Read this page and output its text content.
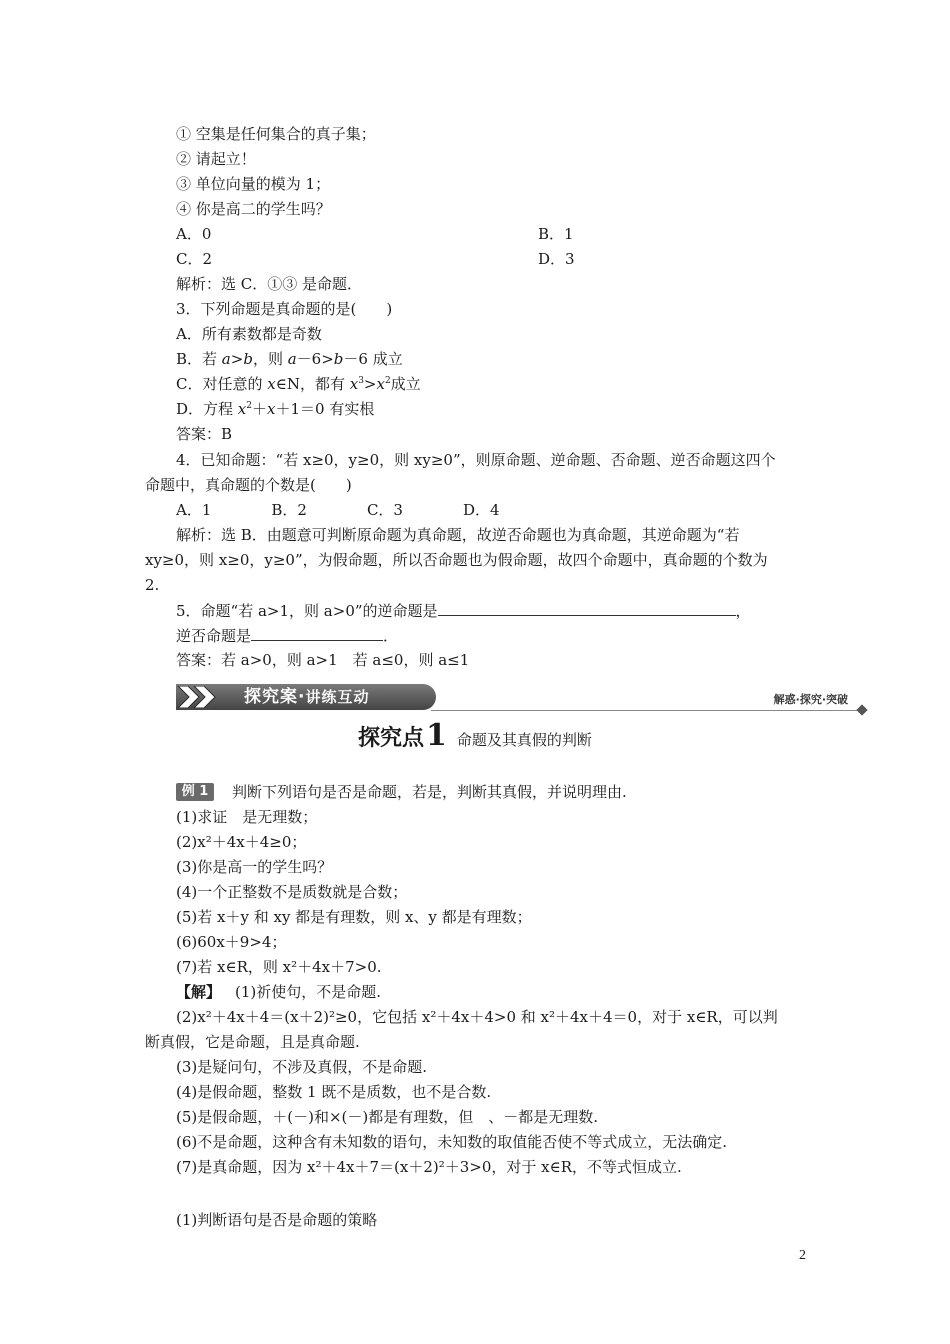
① 空集是任何集合的真子集；
② 请起立！
③ 单位向量的模为 1；
④ 你是高二的学生吗？
A．0	B．1
C．2	D．3
解析：选 C．①③ 是命题．
3．下列命题是真命题的是(　　)
A．所有素数都是奇数
B．若 a>b，则 a－6>b－6 成立
C．对任意的 x∈N，都有 $x^3>x^2$成立
D．方程 $x^2+x+1=0$ 有实根
答案：B
4．已知命题：“若 x≥0，y≥0，则 xy≥0”，则原命题、逆命题、否命题、逆否命题这四个
命题中，真命题的个数是(　　)
A．1　　　　B．2　　　　C．3　　　　D．4
解析：选 B．由题意可判断原命题为真命题，故逆否命题也为真命题，其逆命题为“若
xy≥0，则 x≥0，y≥0”，为假命题，所以否命题也为假命题，故四个命题中，真命题的个数为
2.
5．命题“若 a>1，则 a>0”的逆命题是	，
逆否命题是	．
答案：若 a>0，则 a>1　若 a≤0，则 a≤1
探究案·讲练互动	解惑·探究·突破
探究点1 命题及其真假的判断
例 1	判断下列语句是否是命题，若是，判断其真假，并说明理由.
(1)求证　是无理数；
(2)x²＋4x＋4≥0；
(3)你是高一的学生吗？
(4)一个正整数不是质数就是合数；
(5)若 x＋y 和 xy 都是有理数，则 x、y 都是有理数；
(6)60x＋9>4；
(7)若 x∈R，则 x²＋4x＋7>0.
【解】 (1)祈使句，不是命题.
(2)x²＋4x＋4＝(x＋2)²≥0，它包括 x²＋4x＋4>0 和 x²＋4x＋4＝0，对于 x∈R，可以判
断真假，它是命题，且是真命题.
(3)是疑问句，不涉及真假，不是命题.
(4)是假命题，整数 1 既不是质数，也不是合数.
(5)是假命题，＋(－)和×(－)都是有理数，但　、－都是无理数.
(6)不是命题，这种含有未知数的语句，未知数的取值能否使不等式成立，无法确定.
(7)是真命题，因为 x²＋4x＋7＝(x＋2)²＋3>0，对于 x∈R，不等式恒成立.
(1)判断语句是否是命题的策略
2
